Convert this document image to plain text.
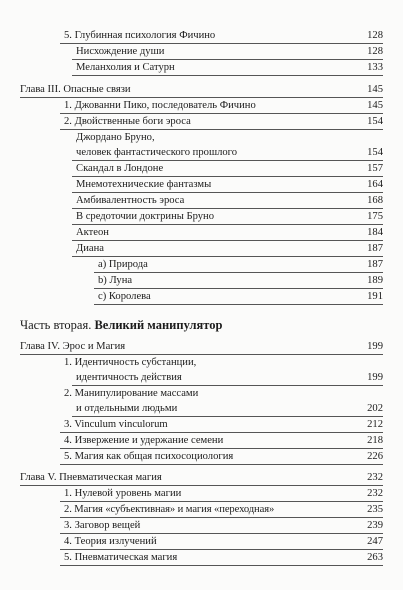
5. Глубинная психология Фичино	128
Нисхождение души	128
Меланхолия и Сатурн	133
Глава III. Опасные связи	145
1. Джованни Пико, последователь Фичино	145
2. Двойственные боги эроса	154
Джордано Бруно,
человек фантастического прошлого	154
Скандал в Лондоне	157
Мнемотехнические фантазмы	164
Амбивалентность эроса	168
В средоточии доктрины Бруно	175
Актеон	184
Диана	187
a) Природа	187
b) Луна	189
c) Королева	191
Часть вторая. Великий манипулятор
Глава IV. Эрос и Магия	199
1. Идентичность субстанции,
идентичность действия	199
2. Манипулирование массами
и отдельными людьми	202
3. Vinculum vinculorum	212
4. Извержение и удержание семени	218
5. Магия как общая психосоциология	226
Глава V. Пневматическая магия	232
1. Нулевой уровень магии	232
2. Магия «субъективная» и магия «переходная»	235
3. Заговор вещей	239
4. Теория излучений	247
5. Пневматическая магия	263
